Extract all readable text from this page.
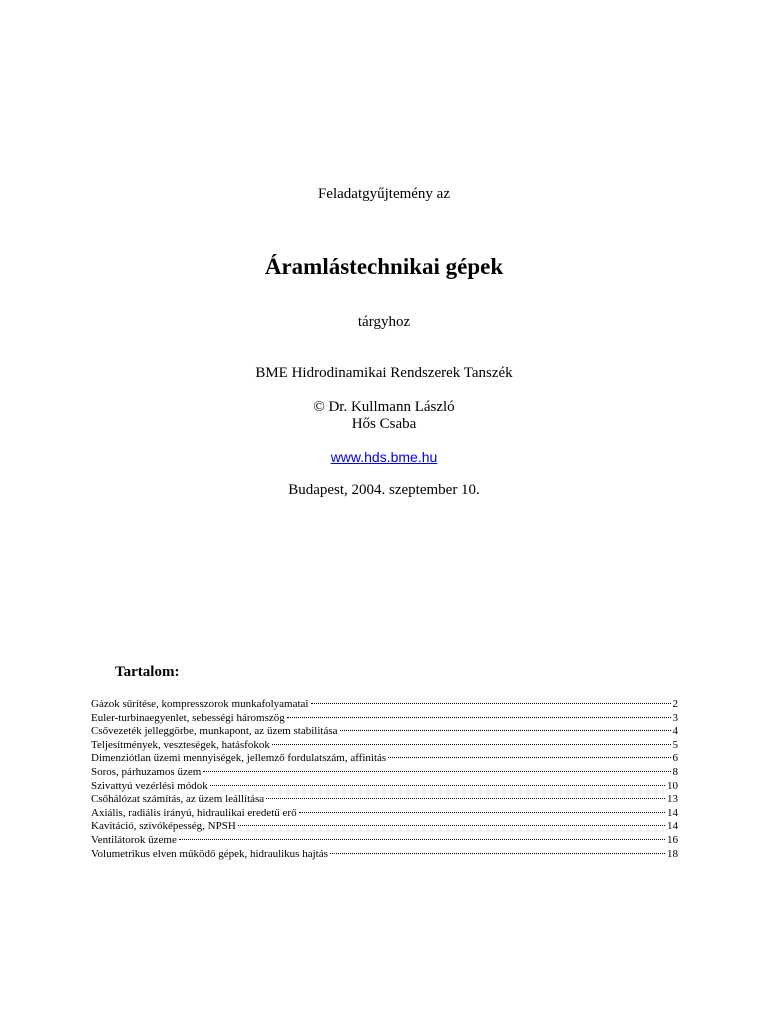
Feladatgyűjtemény az
Áramlástechnikai gépek
tárgyhoz
BME Hidrodinamikai Rendszerek Tanszék
© Dr. Kullmann László
Hős Csaba
www.hds.bme.hu
Budapest, 2004. szeptember 10.
Tartalom:
Gázok sűrítése, kompresszorok munkafolyamatai	2
Euler-turbinaegyenlet, sebességi háromszög	3
Csővezeték jelleggörbe, munkapont, az üzem stabilitása	4
Teljesítmények, veszteségek, hatásfokok	5
Dimenziótlan üzemi mennyiségek, jellemző fordulatszám, affinitás	6
Soros, párhuzamos üzem	8
Szivattyú vezérlési módok	10
Csőhálózat számítás, az üzem leállítása	13
Axiális, radiális irányú, hidraulikai eredetű erő	14
Kavitáció, szívóképesség, NPSH	14
Ventilátorok üzeme	16
Volumetrikus elven működő gépek, hidraulikus hajtás	18
